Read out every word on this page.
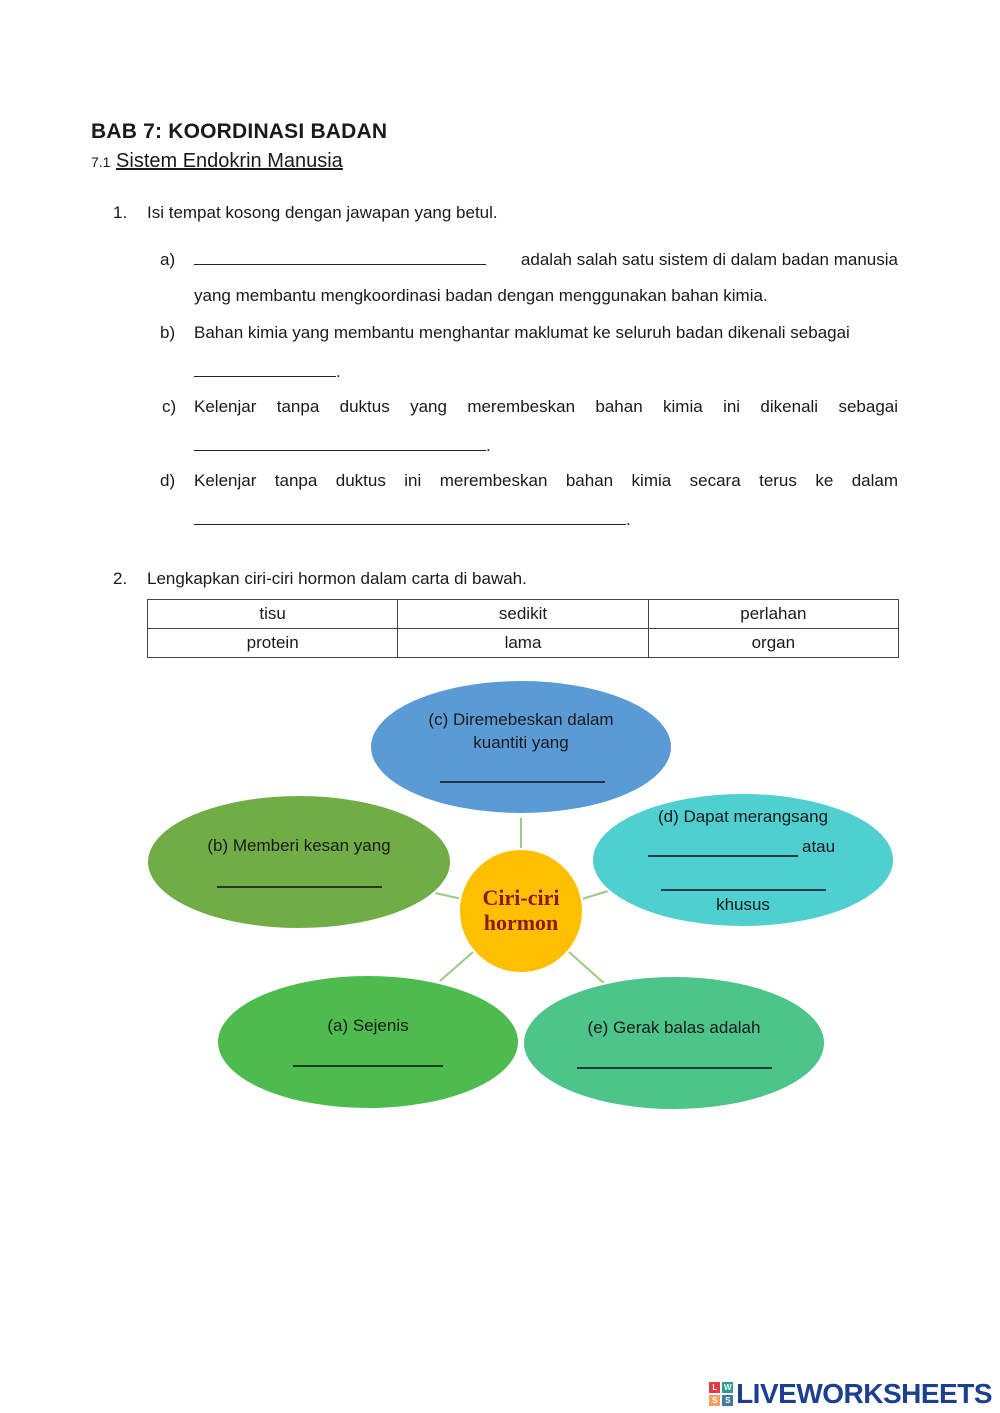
BAB 7: KOORDINASI BADAN
7.1 Sistem Endokrin Manusia
1. Isi tempat kosong dengan jawapan yang betul.
a)	adalah salah satu sistem di dalam badan manusia
yang membantu mengkoordinasi badan dengan menggunakan bahan kimia.
b) Bahan kimia yang membantu menghantar maklumat ke seluruh badan dikenali sebagai
.
c) Kelenjar tanpa duktus yang merembeskan bahan kimia ini dikenali sebagai
.
d) Kelenjar tanpa duktus ini merembeskan bahan kimia secara terus ke dalam
.
2. Lengkapkan ciri-ciri hormon dalam carta di bawah.
tisu	sedikit	perlahan
protein	lama	organ
(c) Diremebeskan dalam
kuantiti yang
(b) Memberi kesan yang
(d) Dapat merangsang
atau
khusus
Ciri-ciri
hormon
(a) Sejenis	(e) Gerak balas adalah
L W
S	S LIVEWORKSHEETS
